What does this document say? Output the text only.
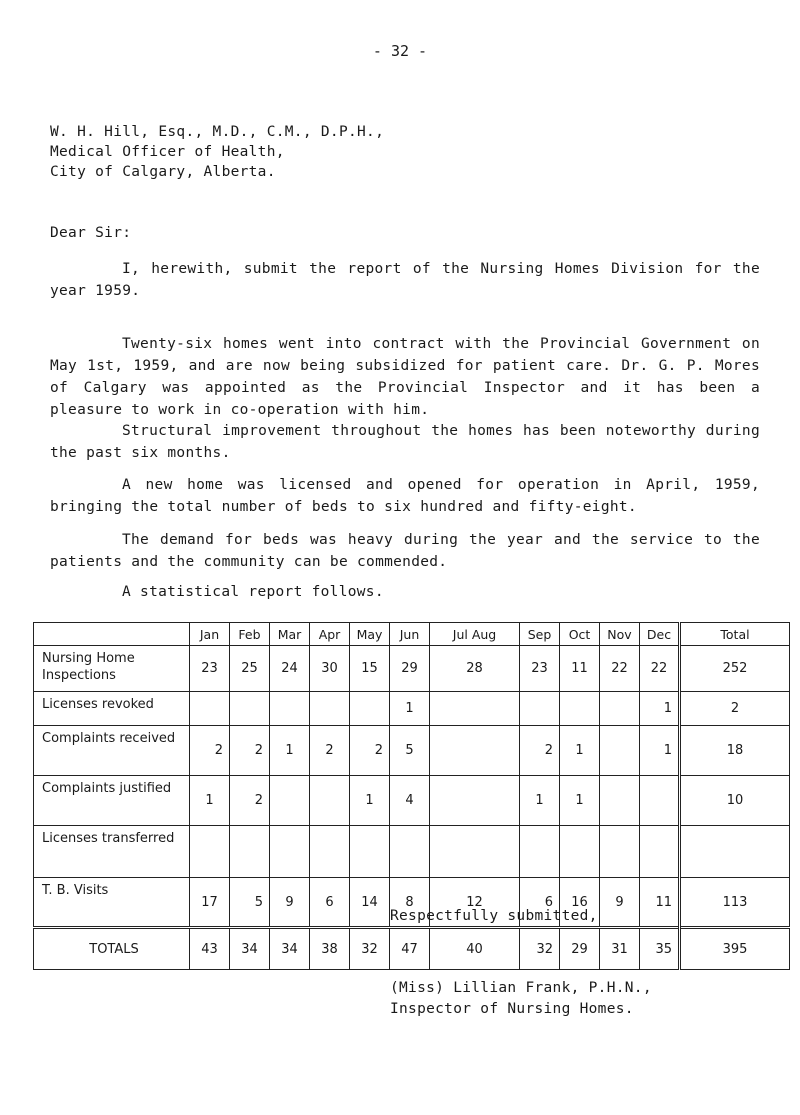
- 32 -
W. H. Hill, Esq., M.D., C.M., D.P.H.,
Medical Officer of Health,
City of Calgary, Alberta.
Dear Sir:

I, herewith, submit the report of the Nursing Homes Division for the year 1959.

Twenty-six homes went into contract with the Provincial Government on May 1st, 1959, and are now being subsidized for patient care. Dr. G. P. Mores of Calgary was appointed as the Provincial Inspector and it has been a pleasure to work in co-operation with him.

Structural improvement throughout the homes has been noteworthy during the past six months.

A new home was licensed and opened for operation in April, 1959, bringing the total number of beds to six hundred and fifty-eight.

The demand for beds was heavy during the year and the service to the patients and the community can be commended.

A statistical report follows.

	Jan	Feb	Mar	Apr	May	Jun	Jul Aug	Sep	Oct	Nov	Dec	Total
Nursing Home Inspections	23	25	24	30	15	29	28	23	11	22	22	252
Licenses revoked						1					1	2
Complaints received	2	2	1	2	2	5		2	1		1	18
Complaints justified	1	2			1	4		1	1			10
Licenses transferred												
T. B. Visits	17	5	9	6	14	8	12	6	16	9	11	113
TOTALS	43	34	34	38	32	47	40	32	29	31	35	395
Respectfully submitted,
(Miss) Lillian Frank, P.H.N.,
Inspector of Nursing Homes.
